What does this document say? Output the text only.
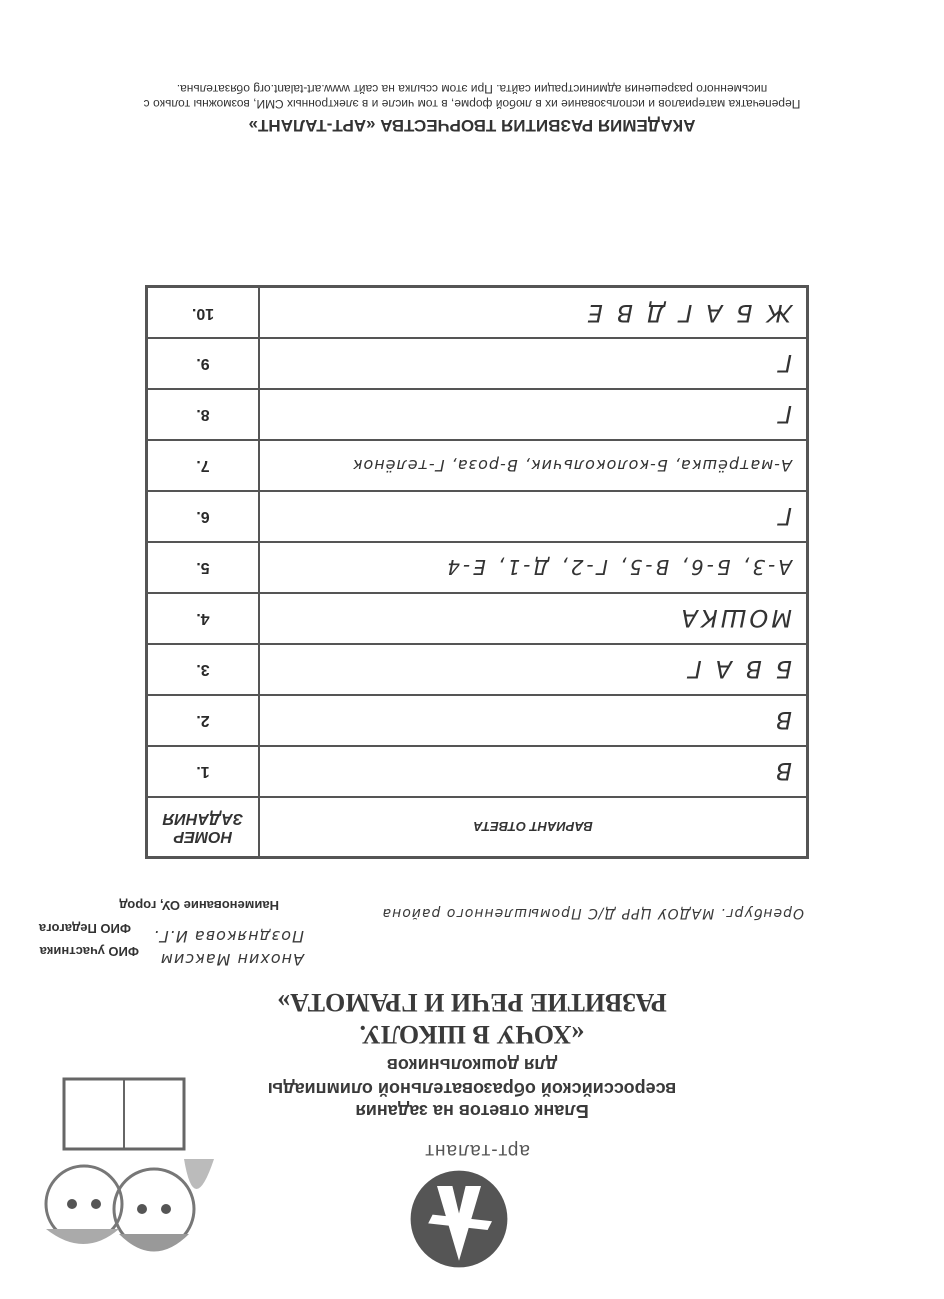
арт-талант
Бланк ответов на задания
всероссийской образовательной олимпиады
для дошкольников
«ХОЧУ В ШКОЛУ.
РАЗВИТИЕ РЕЧИ И ГРАМОТА»
ФИО участника
ФИО Педагога
Наименование ОУ, город
Анохин Максим
Позднякова И.Г.
Оренбург. МАДОУ ЦРР Д/С Промышленного района
ВАРИАНТ ОТВЕТА	НОМЕР ЗАДАНИЯ
В	1.
В	2.
Б В А Г	3.
МОШКА	4.
А-3, Б-6, В-5, Г-2, Д-1, Е-4	5.
Г	6.
А-матрёшка, Б-колокольчик, В-роза, Г-телёнок	7.
Г	8.
Г	9.
Ж Б А Г Д В Е	10.
АКАДЕМИЯ РАЗВИТИЯ ТВОРЧЕСТВА «АРТ-ТАЛАНТ»
Перепечатка материалов и использование их в любой форме, в том числе и в электронных СМИ, возможны только с письменного разрешения администрации сайта. При этом ссылка на сайт www.art-talant.org обязательна.
